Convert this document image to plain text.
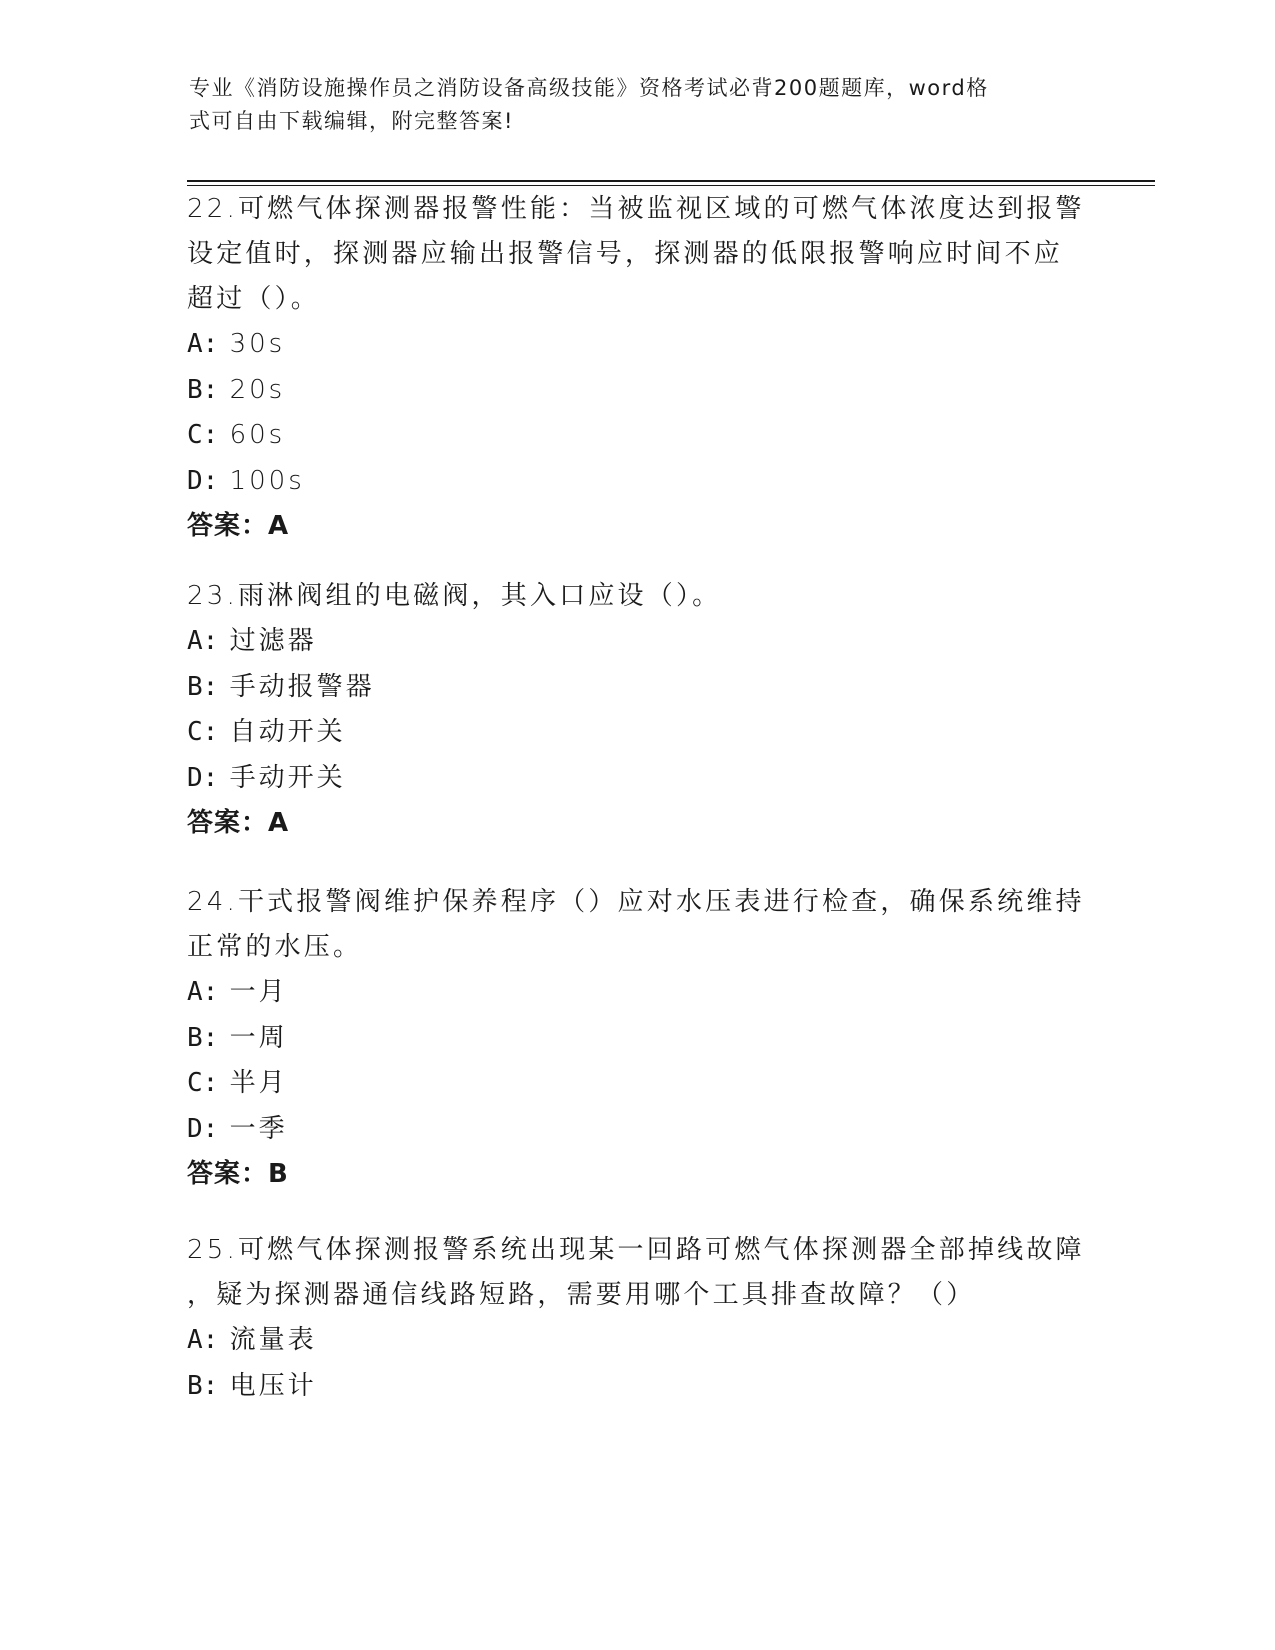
专业《消防设施操作员之消防设备高级技能》资格考试必背200题题库，word格
式可自由下载编辑，附完整答案!
22.可燃气体探测器报警性能：当被监视区域的可燃气体浓度达到报警
设定值时，探测器应输出报警信号，探测器的低限报警响应时间不应
超过（）。
A: 30s
B: 20s
C: 60s
D: 100s
答案：A
23.雨淋阀组的电磁阀，其入口应设（）。
A: 过滤器
B: 手动报警器
C: 自动开关
D: 手动开关
答案：A
24.干式报警阀维护保养程序（）应对水压表进行检查，确保系统维持
正常的水压。
A: 一月
B: 一周
C: 半月
D: 一季
答案：B
25.可燃气体探测报警系统出现某一回路可燃气体探测器全部掉线故障
，疑为探测器通信线路短路，需要用哪个工具排查故障？（）
A: 流量表
B: 电压计
